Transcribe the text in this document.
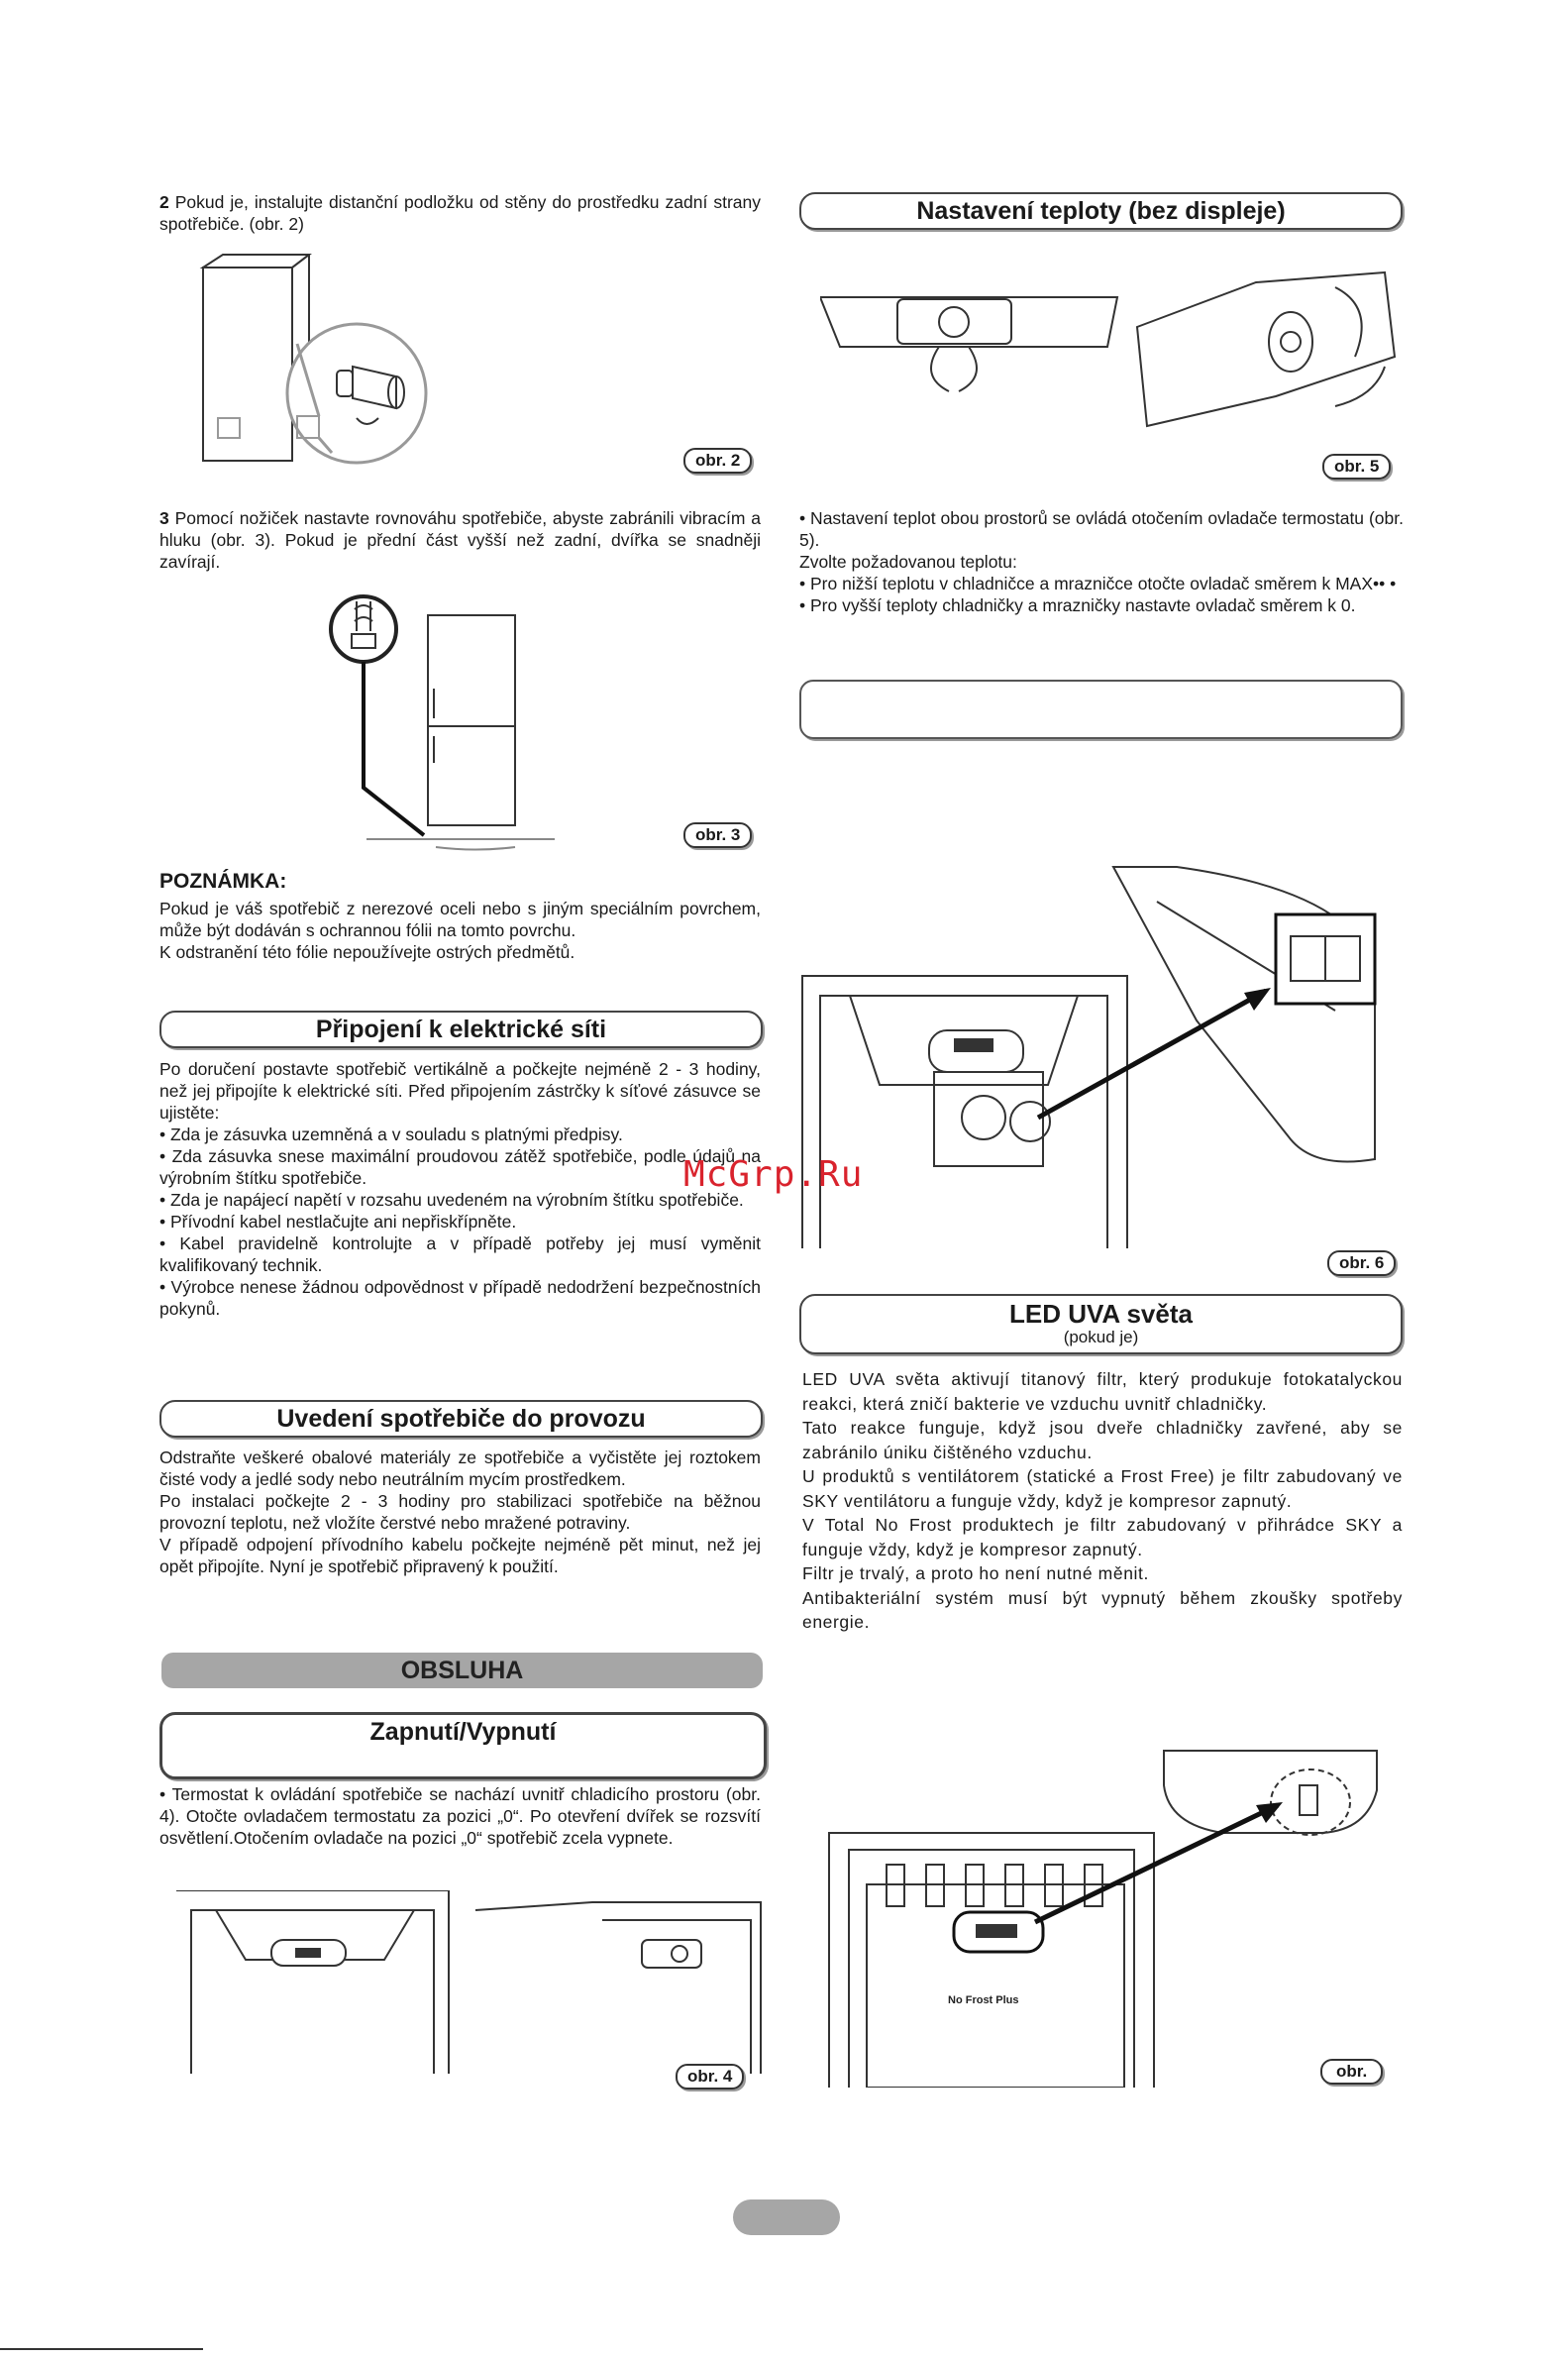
2 Pokud je, instalujte distanční podložku od stěny do prostředku zadní strany spotřebiče. (obr. 2)
obr. 2
3 Pomocí nožiček nastavte rovnováhu spotřebiče, abyste zabránili vibracím a hluku (obr. 3). Pokud je přední část vyšší než zadní, dvířka se snadněji zavírají.
obr. 3
POZNÁMKA:

Pokud je váš spotřebič z nerezové oceli nebo s jiným speciálním povrchem, může být dodáván s ochrannou fólii na tomto povrchu.

K odstranění této fólie nepoužívejte ostrých předmětů.

Připojení k elektrické síti

Po doručení postavte spotřebič vertikálně a počkejte nejméně 2 - 3 hodiny, než jej připojíte k elektrické síti. Před připojením zástrčky k síťové zásuvce se ujistěte:

• Zda je zásuvka uzemněná a v souladu s platnými předpisy.

• Zda zásuvka snese maximální proudovou zátěž spotřebiče, podle údajů na výrobním štítku spotřebiče.

• Zda je napájecí napětí v rozsahu uvedeném na výrobním štítku spotřebiče.

• Přívodní kabel nestlačujte ani nepřiskřípněte.

• Kabel pravidelně kontrolujte a v případě potřeby jej musí vyměnit kvalifikovaný technik.

• Výrobce nenese žádnou odpovědnost v případě nedodržení bezpečnostních pokynů.

Uvedení spotřebiče do provozu

Odstraňte veškeré obalové materiály ze spotřebiče a vyčistěte jej roztokem čisté vody a jedlé sody nebo neutrálním mycím prostředkem.

Po instalaci počkejte 2 - 3 hodiny pro stabilizaci spotřebiče na běžnou provozní teplotu, než vložíte čerstvé nebo mražené potraviny.

V případě odpojení přívodního kabelu počkejte nejméně pět minut, než jej opět připojíte. Nyní je spotřebič připravený k použití.

OBSLUHA
Zapnutí/Vypnutí
• Termostat k ovládání spotřebiče se nachází uvnitř chladicího prostoru (obr. 4). Otočte ovladačem termostatu za pozici „0“. Po otevření dvířek se rozsvítí osvětlení.Otočením ovladače na pozici „0“ spotřebič zcela vypnete.
obr. 4
Nastavení teploty (bez displeje)
obr. 5

• Nastavení teplot obou prostorů se ovládá otočením ovladače termostatu (obr. 5).

Zvolte požadovanou teplotu:

• Pro nižší teplotu v chladničce a mrazničce otočte ovladač směrem k MAX•• •

• Pro vyšší teploty chladničky a mrazničky nastavte ovladač směrem k 0.

obr. 6
LED UVA světa
(pokud je)

LED UVA světa aktivují titanový filtr, který produkuje fotokatalyckou reakci, která zničí bakterie ve vzduchu uvnitř chladničky.

Tato reakce funguje, když jsou dveře chladničky zavřené, aby se zabránilo úniku čištěného vzduchu.

U produktů s ventilátorem (statické a Frost Free) je filtr zabudovaný ve SKY ventilátoru a funguje vždy, když je kompresor zapnutý.

V Total No Frost produktech je filtr zabudovaný v přihrádce SKY a funguje vždy, když je kompresor zapnutý.

Filtr je trvalý, a proto ho není nutné měnit.

Antibakteriální systém musí být vypnutý během zkoušky spotřeby energie.

No Frost Plus
obr.
McGrp.Ru
